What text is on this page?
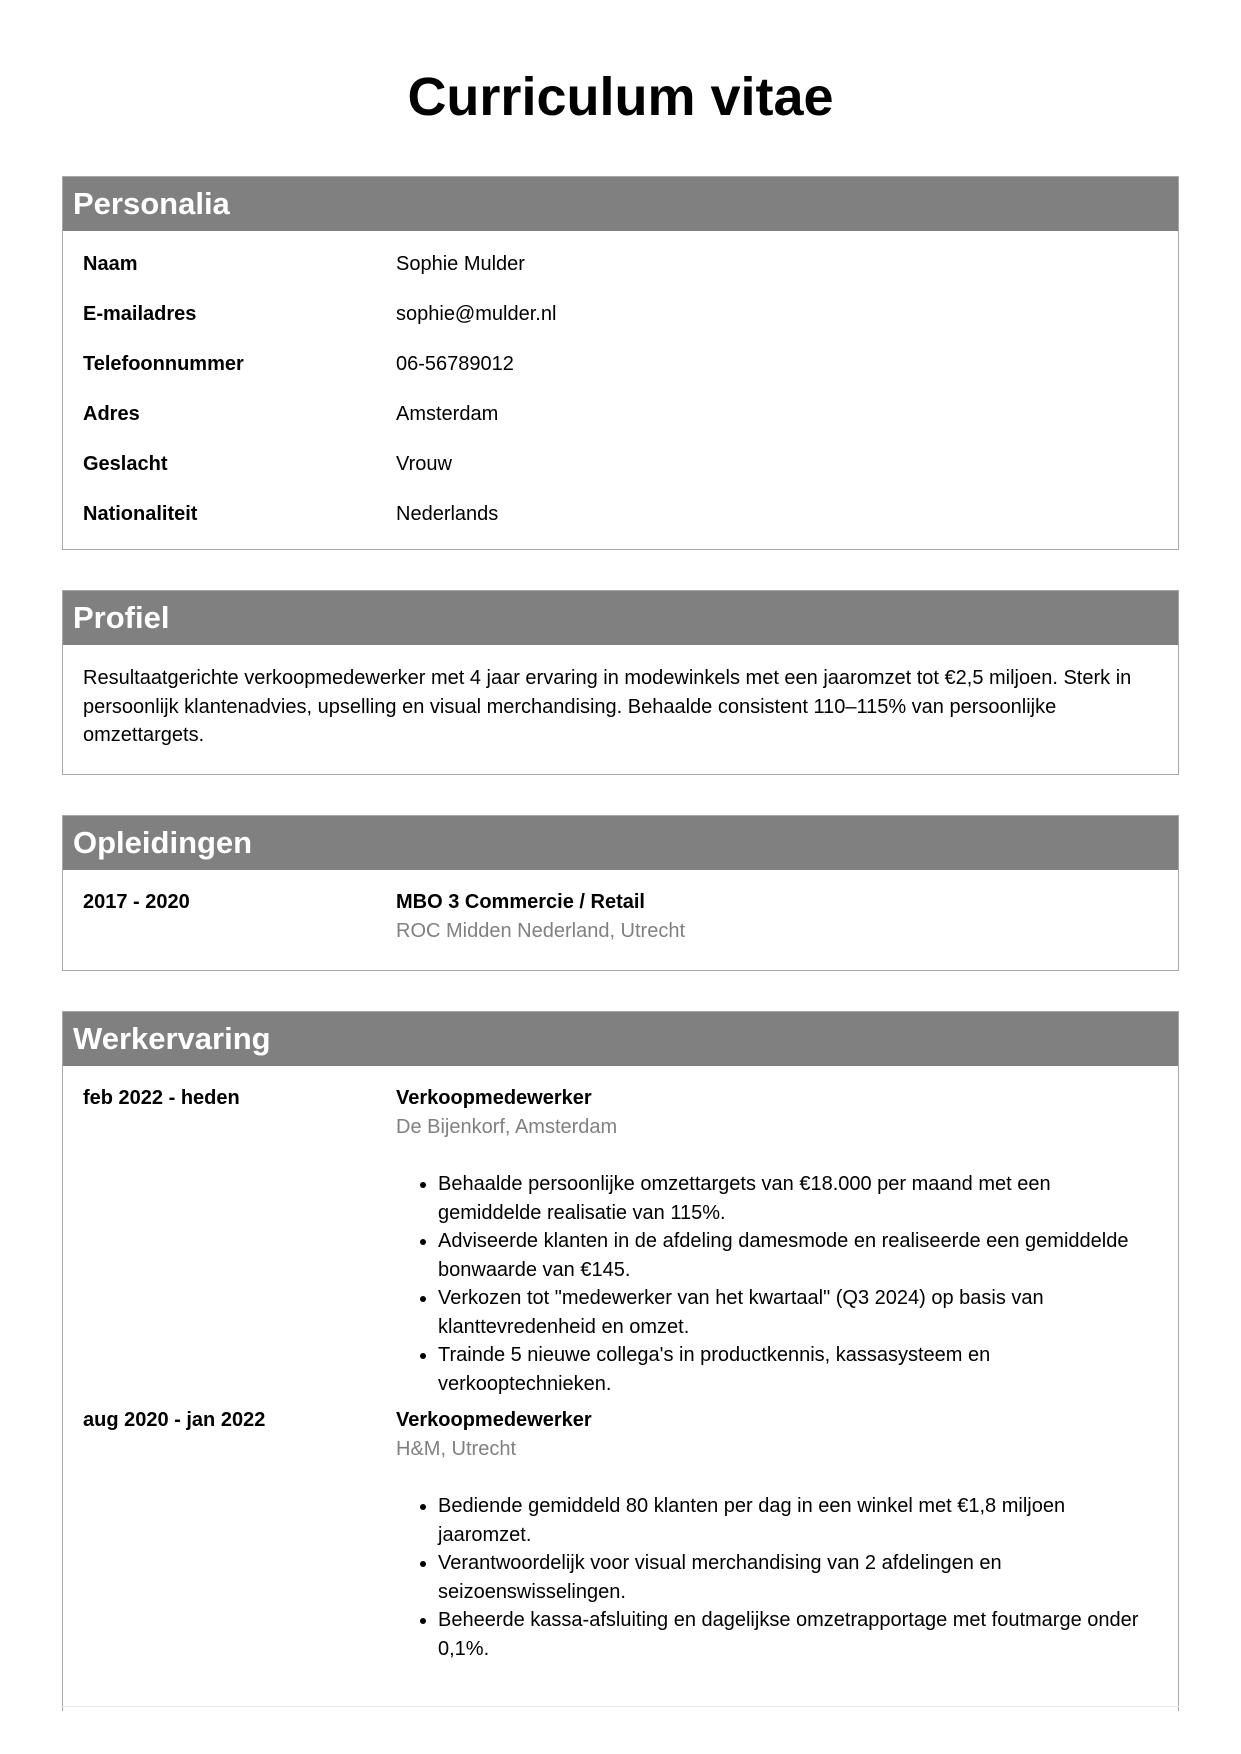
Curriculum vitae
Personalia
Naam	Sophie Mulder
E-mailadres	sophie@mulder.nl
Telefoonnummer	06-56789012
Adres	Amsterdam
Geslacht	Vrouw
Nationaliteit	Nederlands
Profiel
Resultaatgerichte verkoopmedewerker met 4 jaar ervaring in modewinkels met een jaaromzet tot €2,5 miljoen. Sterk in persoonlijk klantenadvies, upselling en visual merchandising. Behaalde consistent 110–115% van persoonlijke omzettargets.
Opleidingen
2017 - 2020	MBO 3 Commercie / Retail
ROC Midden Nederland, Utrecht
Werkervaring
feb 2022 - heden	Verkoopmedewerker
De Bijenkorf, Amsterdam
• Behaalde persoonlijke omzettargets van €18.000 per maand met een gemiddelde realisatie van 115%.
• Adviseerde klanten in de afdeling damesmode en realiseerde een gemiddelde bonwaarde van €145.
• Verkozen tot "medewerker van het kwartaal" (Q3 2024) op basis van klanttevredenheid en omzet.
• Trainde 5 nieuwe collega's in productkennis, kassasysteem en verkooptechnieken.
aug 2020 - jan 2022	Verkoopmedewerker
H&M, Utrecht
• Bediende gemiddeld 80 klanten per dag in een winkel met €1,8 miljoen jaaromzet.
• Verantwoordelijk voor visual merchandising van 2 afdelingen en seizoenswisselingen.
• Beheerde kassa-afsluiting en dagelijkse omzetrapportage met foutmarge onder 0,1%.
